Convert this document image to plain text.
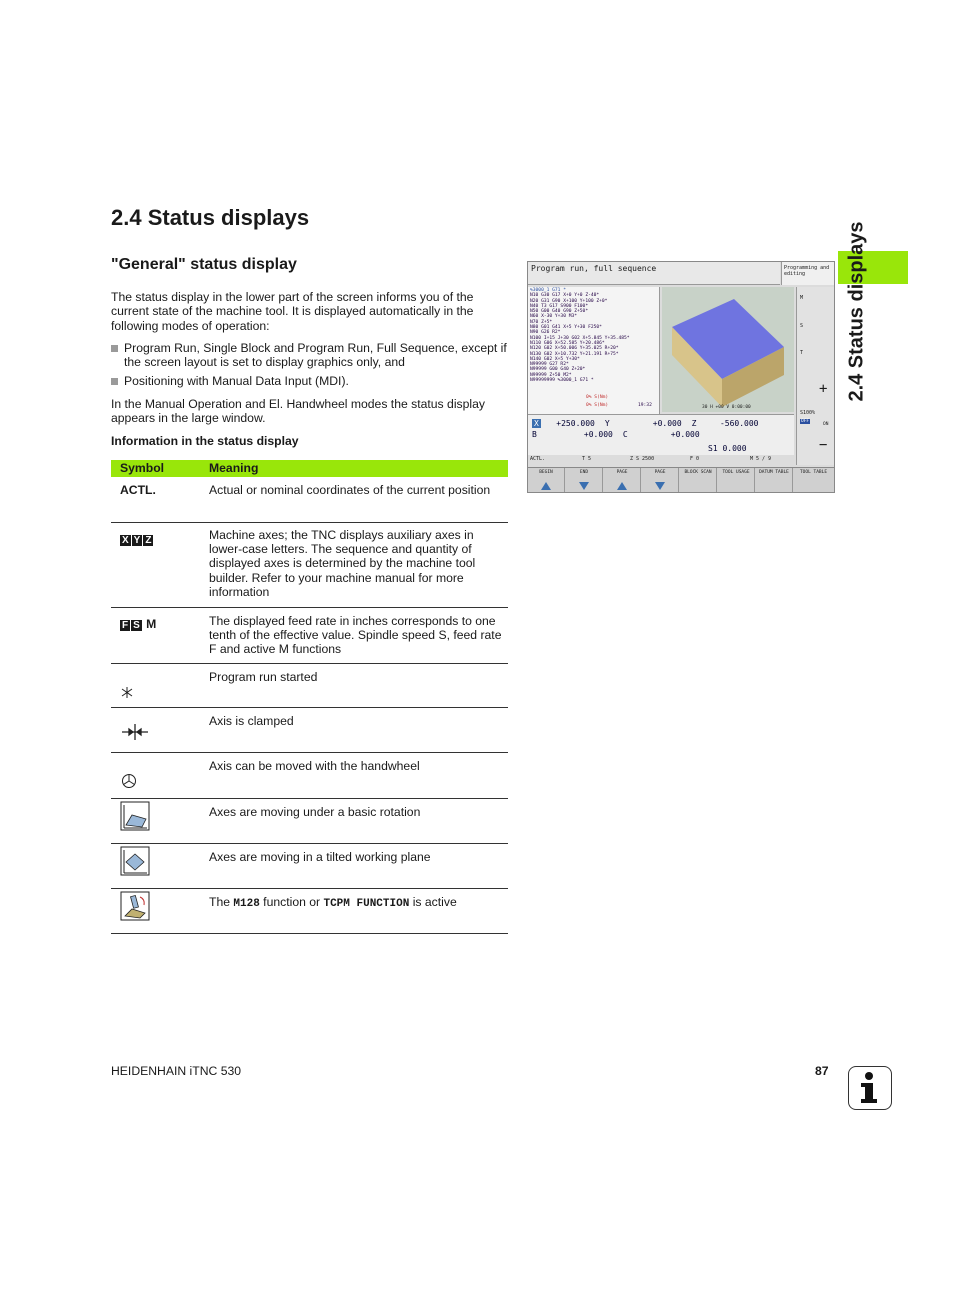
2.4 Status displays
"General" status display

The status display in the lower part of the screen informs you of the current state of the machine tool. It is displayed automatically in the following modes of operation:

Program Run, Single Block and Program Run, Full Sequence, except if the screen layout is set to display graphics only, and
Positioning with Manual Data Input (MDI).

In the Manual Operation and El. Handwheel modes the status display appears in the large window.

Information in the status display
Symbol	Meaning
ACTL.	Actual or nominal coordinates of the current position
X Y Z	Machine axes; the TNC displays auxiliary axes in lower-case letters. The sequence and quantity of displayed axes is determined by the machine tool builder. Refer to your machine manual for more information
F S M	The displayed feed rate in inches corresponds to one tenth of the effective value. Spindle speed S, feed rate F and active M functions
	Program run started
	Axis is clamped
	Axis can be moved with the handwheel
	Axes are moving under a basic rotation
	Axes are moving in a tilted working plane
	The M128 function or TCPM FUNCTION is active
Program run, full sequence	Programming and editing
%3000_1 G71 *
N10 G30 G17 X+0 Y+0 Z-40*
N20 G31 G90 X+100 Y+100 Z+0*
N40 T3 G17 S900 F100*
N50 G00 G40 G90 Z+50*
N60 X-30 Y+30 M3*
N70 Z+5*
N80 G01 G41 X+5 Y+30 F250*
N90 G26 R2*
N100 I+15 J+30 G02 X+5.845 Y+35.485*
N110 G06 X+52.585 Y+20.486*
N120 G02 X+50.006 Y+35.025 R+20*
N130 G02 X+10.732 Y+21.191 R+75*
N140 G02 X+5 Y+30*
N99999 G27 R2*
N99999 G00 G40 Z+20*
N99999 Z+50 M2*
N99999999 %3000_1 G71 *
0% S(Nm)
0% S(Nm)	19:32	30 H +00 V 0:00:00
M
S
T
S100%
OFF
ON
+
−
X	+250.000 Y	+0.000 Z	-560.000
B	+0.000 C	+0.000
S1 0.000
ACTL.	T 5	Z S 2500	F 0	M 5 / 9
BEGIN	END	PAGE	PAGE	BLOCK SCAN	TOOL USAGE	DATUM TABLE	TOOL TABLE
2.4 Status displays
HEIDENHAIN iTNC 530	87
